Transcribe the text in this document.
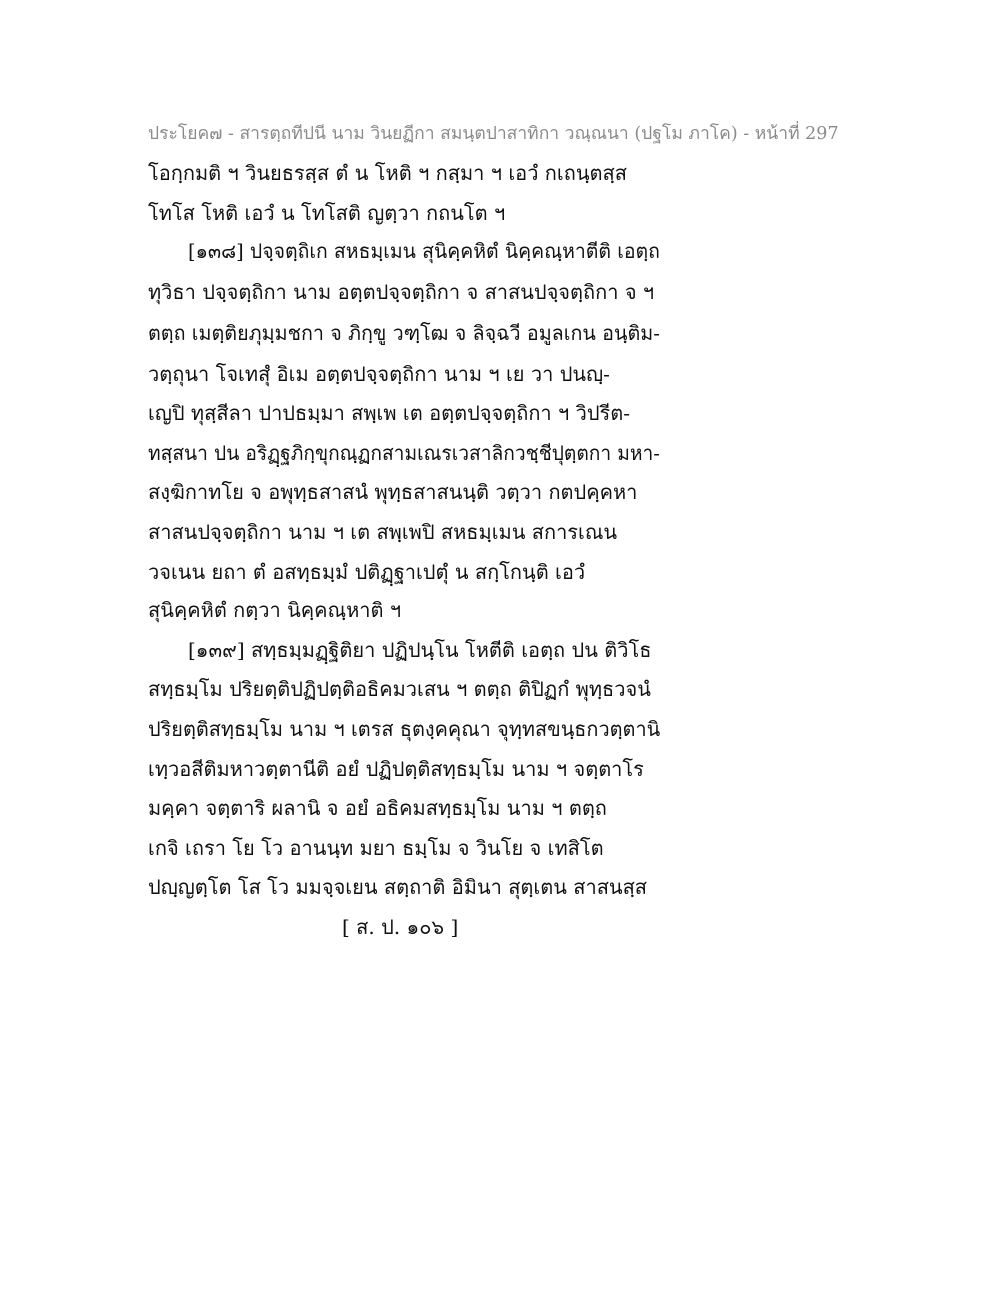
ประโยค๗ - สารตฺถทีปนี นาม วินยฏีกา สมนฺตปาสาทิกา วณฺณนา (ปฐโม ภาโค) - หน้าที่ 297
โอกฺกมติ ฯ วินยธรสฺส ตํ น โหติ ฯ กสฺมา ฯ เอวํ กเถนฺตสฺส
โทโส โหติ เอวํ น โทโสติ ญตฺวา กถนโต ฯ
[๑๓๘] ปจฺจตฺถิเก สหธมฺเมน สุนิคฺคหิตํ นิคฺคณฺหาตีติ เอตฺถ
ทุวิธา ปจฺจตฺถิกา นาม อตฺตปจฺจตฺถิกา จ สาสนปจฺจตฺถิกา จ ฯ
ตตฺถ เมตฺติยภุมฺมชกา จ ภิกฺขู วฑฺโฒ จ ลิจฺฉวี อมูลเกน อนฺติม-
วตฺถุนา โจเทสุํ อิเม อตฺตปจฺจตฺถิกา นาม ฯ เย วา ปนญฺ-
เญปิ ทุสฺสีลา ปาปธมฺมา สพฺเพ เต อตฺตปจฺจตฺถิกา ฯ วิปรีต-
ทสฺสนา ปน อริฏฺฐภิกฺขุกณฺฏกสามเณรเวสาลิกวชฺชีปุตฺตกา มหา-
สงฺฆิกาทโย จ อพุทฺธสาสนํ พุทฺธสาสนนฺติ วตฺวา กตปคฺคหา
สาสนปจฺจตฺถิกา นาม ฯ เต สพฺเพปิ สหธมฺเมน สการเณน
วจเนน ยถา ตํ อสทฺธมฺมํ ปติฏฺฐาเปตุํ น สกฺโกนฺติ เอวํ
สุนิคฺคหิตํ กตฺวา นิคฺคณฺหาติ ฯ
[๑๓๙] สทฺธมฺมฏฺฐิติยา ปฏิปนฺโน โหตีติ เอตฺถ ปน ติวิโธ
สทฺธมฺโม ปริยตฺติปฏิปตฺติอธิคมวเสน ฯ ตตฺถ ติปิฏกํ พุทฺธวจนํ
ปริยตฺติสทฺธมฺโม นาม ฯ เตรส ธุตงฺคคุณา จุทฺทสขนฺธกวตฺตานิ
เทฺวอสีติมหาวตฺตานีติ อยํ ปฏิปตฺติสทฺธมฺโม นาม ฯ จตฺตาโร
มคฺคา จตฺตาริ ผลานิ จ อยํ อธิคมสทฺธมฺโม นาม ฯ ตตฺถ
เกจิ เถรา โย โว อานนฺท มยา ธมฺโม จ วินโย จ เทสิโต
ปญฺญตฺโต โส โว มมจฺจเยน สตฺถาติ อิมินา สุตฺเตน สาสนสฺส
[ ส. ป. ๑๐๖ ]
